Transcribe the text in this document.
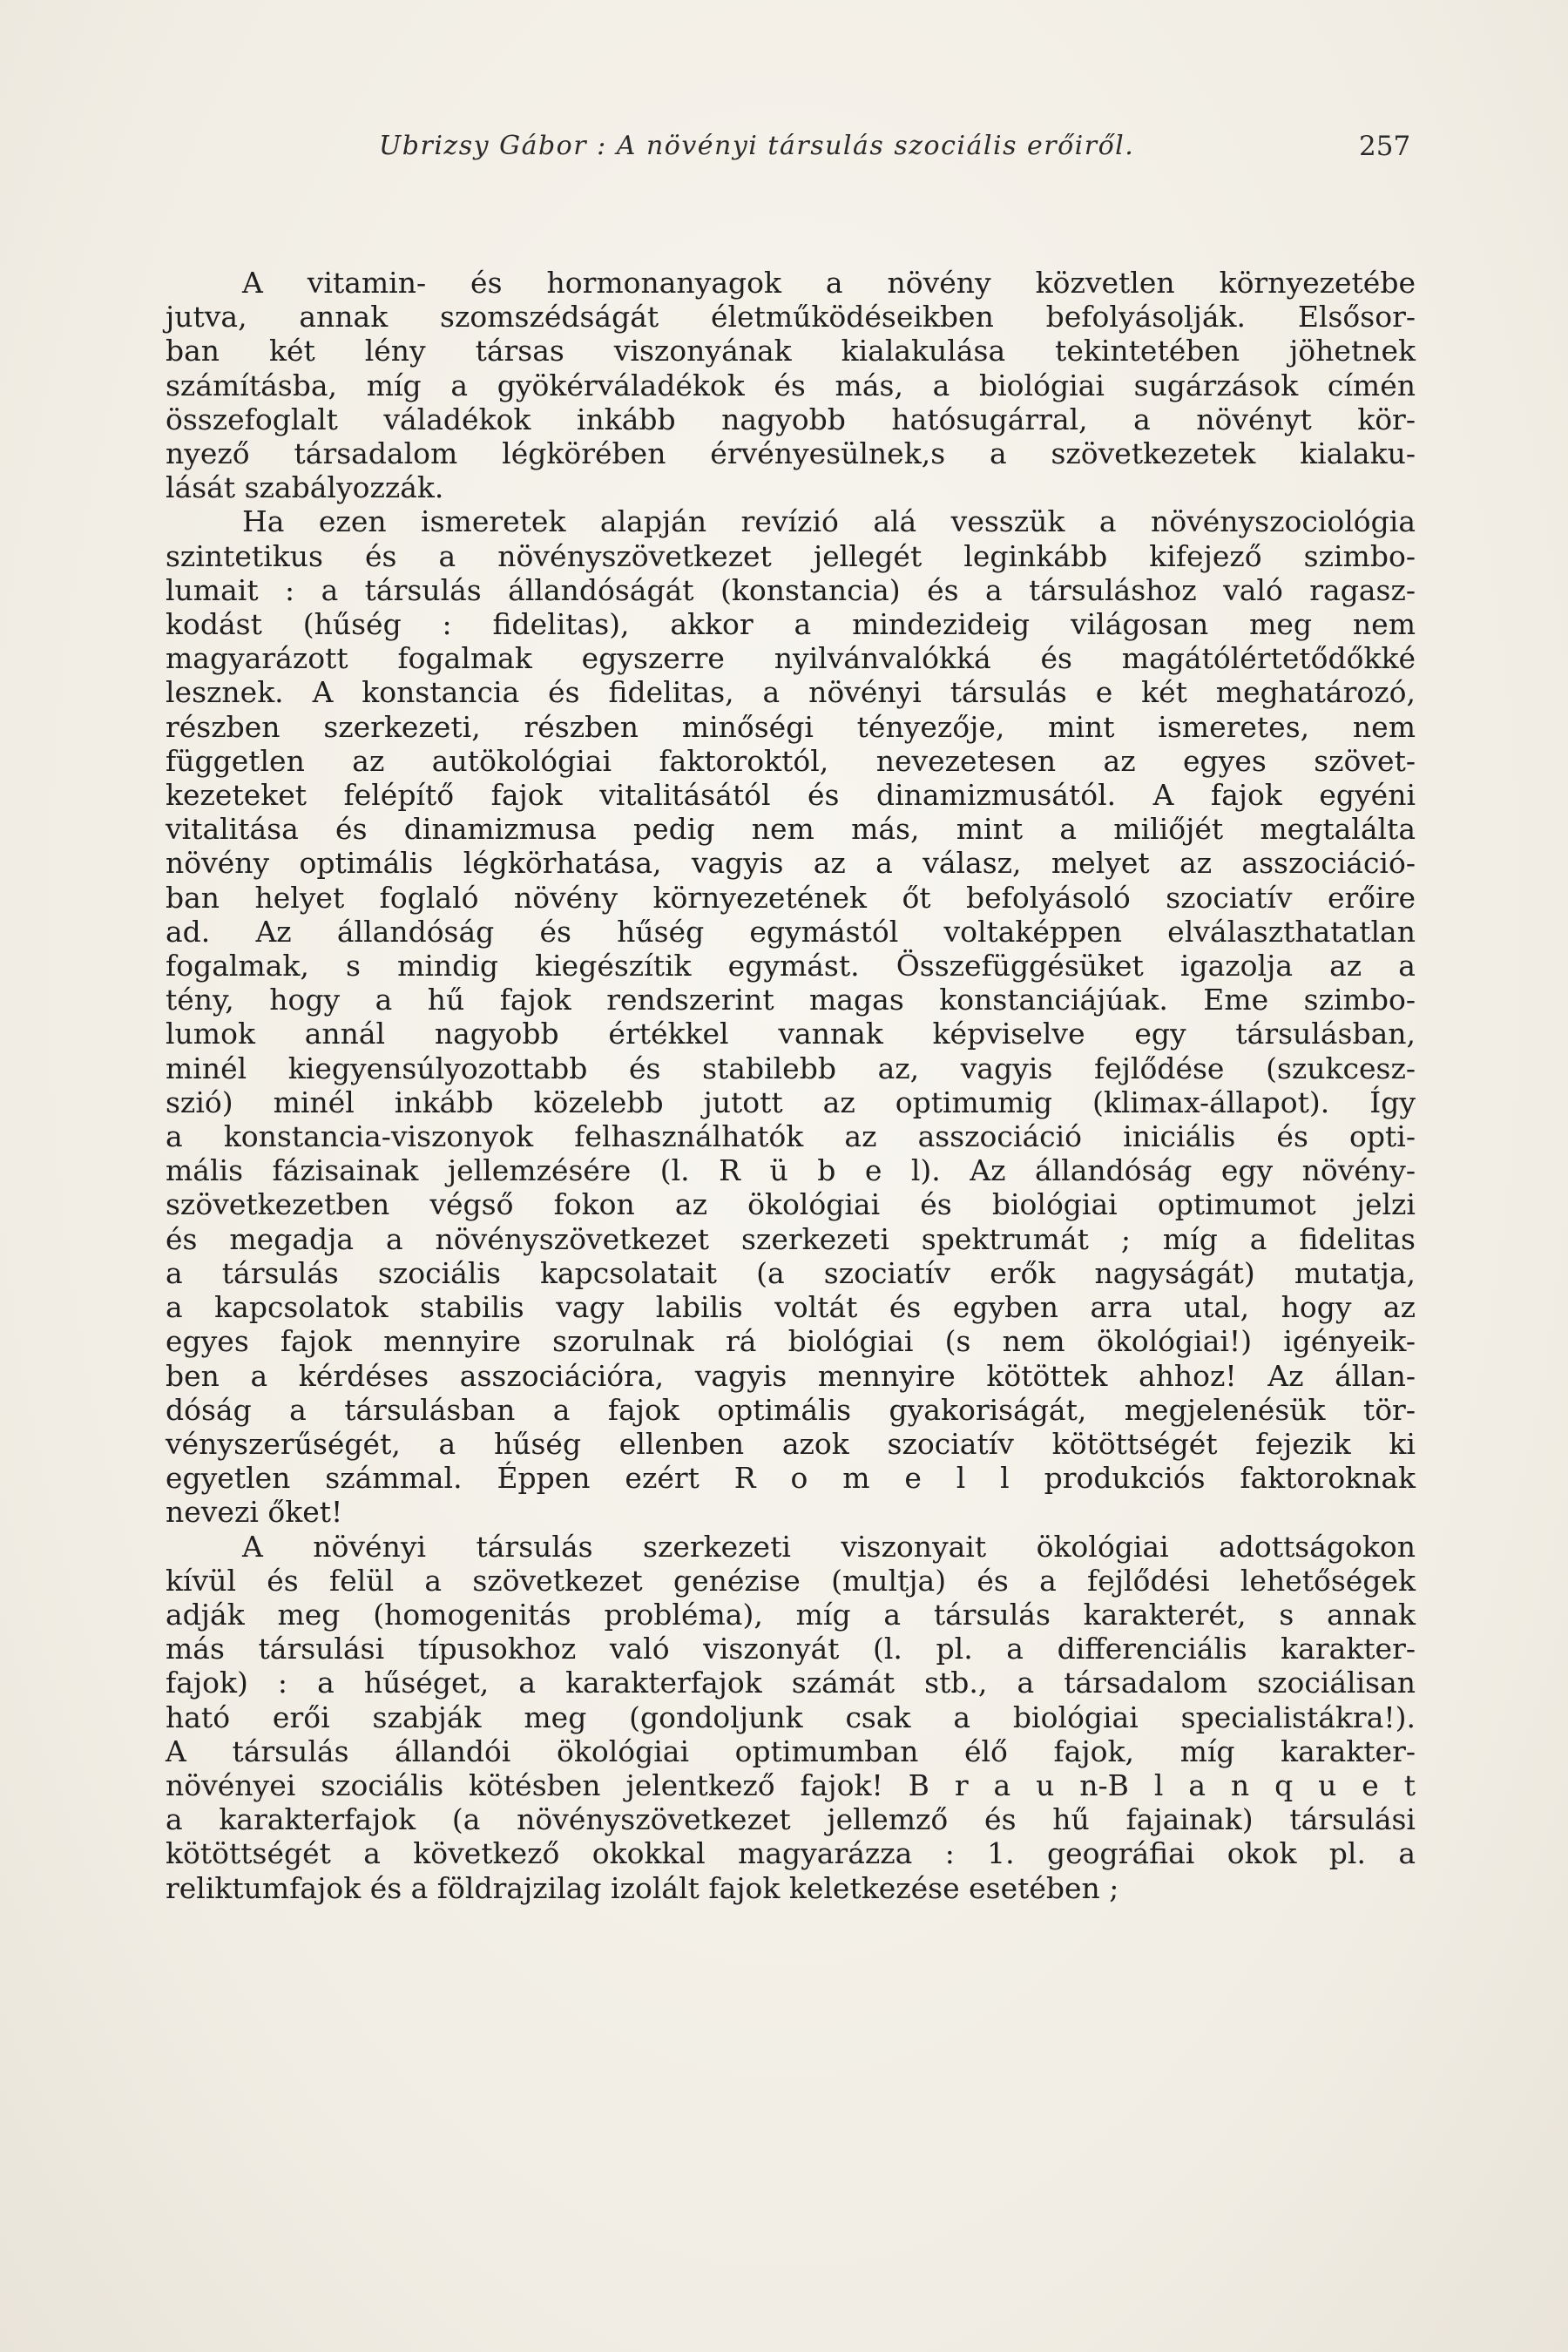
Ubrizsy Gábor : A növényi társulás szociális erőiről.	257
A vitamin- és hormonanyagok a növény közvetlen környezetébe
jutva, annak szomszédságát életműködéseikben befolyásolják. Elsősor-
ban két lény társas viszonyának kialakulása tekintetében jöhetnek
számításba, míg a gyökérváladékok és más, a biológiai sugárzások címén
összefoglalt váladékok inkább nagyobb hatósugárral, a növényt kör-
nyező társadalom légkörében érvényesülnek,s a szövetkezetek kialaku-
lását szabályozzák.
Ha ezen ismeretek alapján revízió alá vesszük a növényszociológia
szintetikus és a növényszövetkezet jellegét leginkább kifejező szimbo-
lumait : a társulás állandóságát (konstancia) és a társuláshoz való ragasz-
kodást (hűség : fidelitas), akkor a mindezideig világosan meg nem
magyarázott fogalmak egyszerre nyilvánvalókká és magátólértetődőkké
lesznek. A konstancia és fidelitas, a növényi társulás e két meghatározó,
részben szerkezeti, részben minőségi tényezője, mint ismeretes, nem
független az autökológiai faktoroktól, nevezetesen az egyes szövet-
kezeteket felépítő fajok vitalitásától és dinamizmusától. A fajok egyéni
vitalitása és dinamizmusa pedig nem más, mint a miliőjét megtalálta
növény optimális légkörhatása, vagyis az a válasz, melyet az asszociáció-
ban helyet foglaló növény környezetének őt befolyásoló szociatív erőire
ad. Az állandóság és hűség egymástól voltaképpen elválaszthatatlan
fogalmak, s mindig kiegészítik egymást. Összefüggésüket igazolja az a
tény, hogy a hű fajok rendszerint magas konstanciájúak. Eme szimbo-
lumok annál nagyobb értékkel vannak képviselve egy társulásban,
minél kiegyensúlyozottabb és stabilebb az, vagyis fejlődése (szukcesz-
szió) minél inkább közelebb jutott az optimumig (klimax-állapot). Így
a konstancia-viszonyok felhasználhatók az asszociáció iniciális és opti-
mális fázisainak jellemzésére (l. R ü b e l). Az állandóság egy növény-
szövetkezetben végső fokon az ökológiai és biológiai optimumot jelzi
és megadja a növényszövetkezet szerkezeti spektrumát ; míg a fidelitas
a társulás szociális kapcsolatait (a szociatív erők nagyságát) mutatja,
a kapcsolatok stabilis vagy labilis voltát és egyben arra utal, hogy az
egyes fajok mennyire szorulnak rá biológiai (s nem ökológiai!) igényeik-
ben a kérdéses asszociációra, vagyis mennyire kötöttek ahhoz! Az állan-
dóság a társulásban a fajok optimális gyakoriságát, megjelenésük tör-
vényszerűségét, a hűség ellenben azok szociatív kötöttségét fejezik ki
egyetlen számmal. Éppen ezért R o m e l l produkciós faktoroknak
nevezi őket!
A növényi társulás szerkezeti viszonyait ökológiai adottságokon
kívül és felül a szövetkezet genézise (multja) és a fejlődési lehetőségek
adják meg (homogenitás probléma), míg a társulás karakterét, s annak
más társulási típusokhoz való viszonyát (l. pl. a differenciális karakter-
fajok) : a hűséget, a karakterfajok számát stb., a társadalom szociálisan
ható erői szabják meg (gondoljunk csak a biológiai specialistákra!).
A társulás állandói ökológiai optimumban élő fajok, míg karakter-
növényei szociális kötésben jelentkező fajok! B r a u n-B l a n q u e t
a karakterfajok (a növényszövetkezet jellemző és hű fajainak) társulási
kötöttségét a következő okokkal magyarázza : 1. geográfiai okok pl. a
reliktumfajok és a földrajzilag izolált fajok keletkezése esetében ;
